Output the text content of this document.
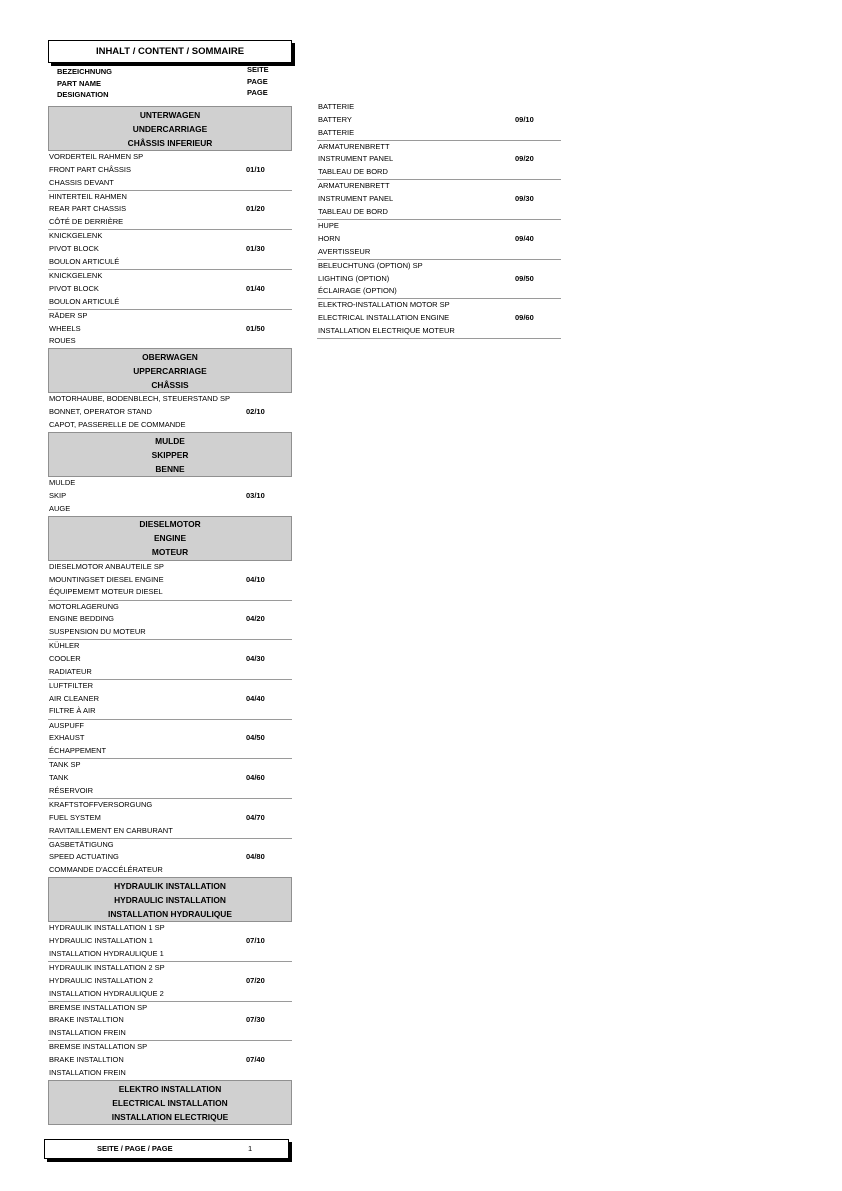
INHALT / CONTENT / SOMMAIRE
BEZEICHNUNG
PART NAME
DESIGNATION
SEITE
PAGE
PAGE
UNTERWAGEN
UNDERCARRIAGE
CHÂSSIS INFERIEUR
VORDERTEIL RAHMEN SP
FRONT PART CHÂSSIS
CHASSIS DEVANT
01/10
HINTERTEIL RAHMEN
REAR PART CHASSIS
CÔTÉ DE DERRIÈRE
01/20
KNICKGELENK
PIVOT BLOCK
BOULON ARTICULÉ
01/30
KNICKGELENK
PIVOT BLOCK
BOULON ARTICULÉ
01/40
RÄDER SP
WHEELS
ROUES
01/50
OBERWAGEN
UPPERCARRIAGE
CHÂSSIS
MOTORHAUBE, BODENBLECH, STEUERSTAND SP
BONNET, OPERATOR STAND
CAPOT, PASSERELLE DE COMMANDE
02/10
MULDE
SKIPPER
BENNE
MULDE
SKIP
AUGE
03/10
DIESELMOTOR
ENGINE
MOTEUR
DIESELMOTOR ANBAUTEILE SP
MOUNTINGSET DIESEL ENGINE
ÉQUIPEMEMT MOTEUR DIESEL
04/10
MOTORLAGERUNG
ENGINE BEDDING
SUSPENSION DU MOTEUR
04/20
KÜHLER
COOLER
RADIATEUR
04/30
LUFTFILTER
AIR CLEANER
FILTRE À AIR
04/40
AUSPUFF
EXHAUST
ÉCHAPPEMENT
04/50
TANK SP
TANK
RÉSERVOIR
04/60
KRAFTSTOFFVERSORGUNG
FUEL SYSTEM
RAVITAILLEMENT EN CARBURANT
04/70
GASBETÄTIGUNG
SPEED ACTUATING
COMMANDE D'ACCÉLÉRATEUR
04/80
HYDRAULIK INSTALLATION
HYDRAULIC INSTALLATION
INSTALLATION HYDRAULIQUE
HYDRAULIK INSTALLATION 1 SP
HYDRAULIC INSTALLATION 1
INSTALLATION HYDRAULIQUE 1
07/10
HYDRAULIK INSTALLATION 2 SP
HYDRAULIC INSTALLATION 2
INSTALLATION HYDRAULIQUE 2
07/20
BREMSE INSTALLATION SP
BRAKE INSTALLTION
INSTALLATION FREIN
07/30
BREMSE INSTALLATION SP
BRAKE INSTALLTION
INSTALLATION FREIN
07/40
ELEKTRO INSTALLATION
ELECTRICAL INSTALLATION
INSTALLATION ELECTRIQUE
BATTERIE
BATTERY
BATTERIE
09/10
ARMATURENBRETT
INSTRUMENT PANEL
TABLEAU DE BORD
09/20
ARMATURENBRETT
INSTRUMENT PANEL
TABLEAU DE BORD
09/30
HUPE
HORN
AVERTISSEUR
09/40
BELEUCHTUNG (OPTION) SP
LIGHTING (OPTION)
ÉCLAIRAGE (OPTION)
09/50
ELEKTRO-INSTALLATION MOTOR SP
ELECTRICAL INSTALLATION ENGINE
INSTALLATION ELECTRIQUE MOTEUR
09/60
SEITE / PAGE / PAGE	1
